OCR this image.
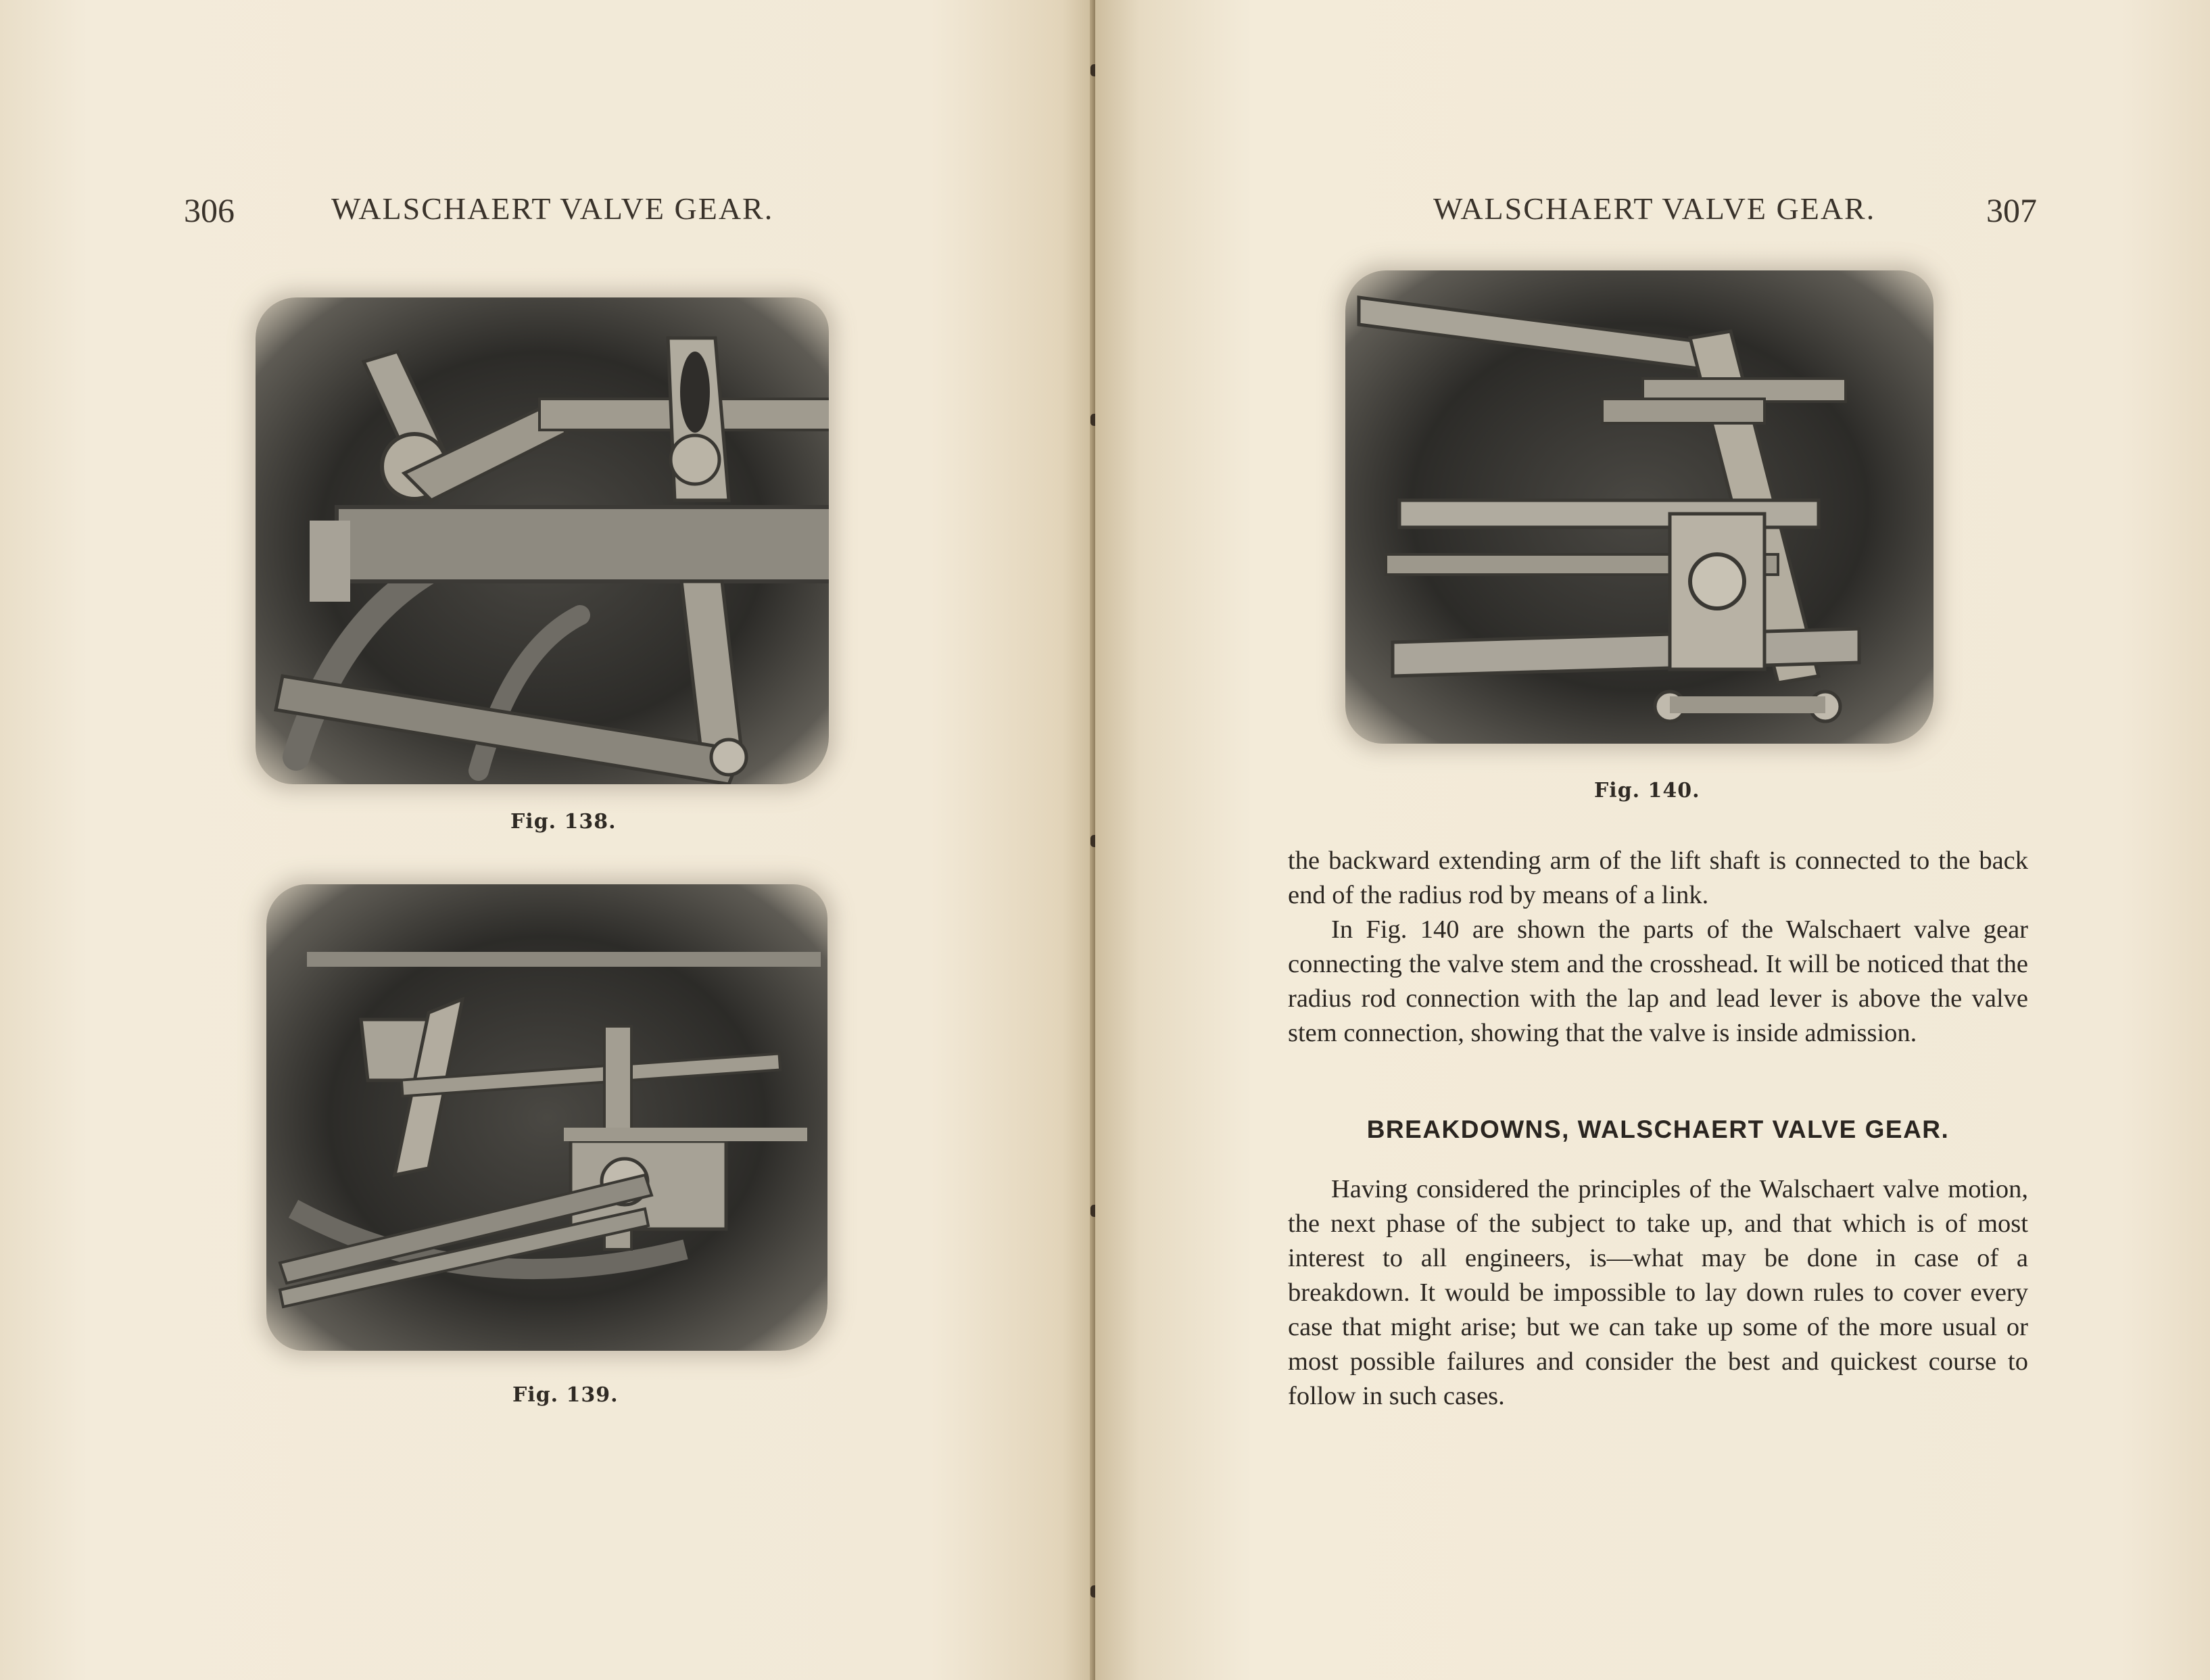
306	WALSCHAERT VALVE GEAR.
Fig. 138.
Fig. 139.
WALSCHAERT VALVE GEAR.	307
Fig. 140.

the backward extending arm of the lift shaft is connected to the back end of the radius rod by means of a link.

In Fig. 140 are shown the parts of the Walschaert valve gear connecting the valve stem and the crosshead. It will be noticed that the radius rod connection with the lap and lead lever is above the valve stem connection, showing that the valve is inside admission.

BREAKDOWNS, WALSCHAERT VALVE GEAR.

Having considered the principles of the Walschaert valve motion, the next phase of the subject to take up, and that which is of most interest to all engineers, is—what may be done in case of a breakdown. It would be impossible to lay down rules to cover every case that might arise; but we can take up some of the more usual or most possible failures and consider the best and quickest course to follow in such cases.
